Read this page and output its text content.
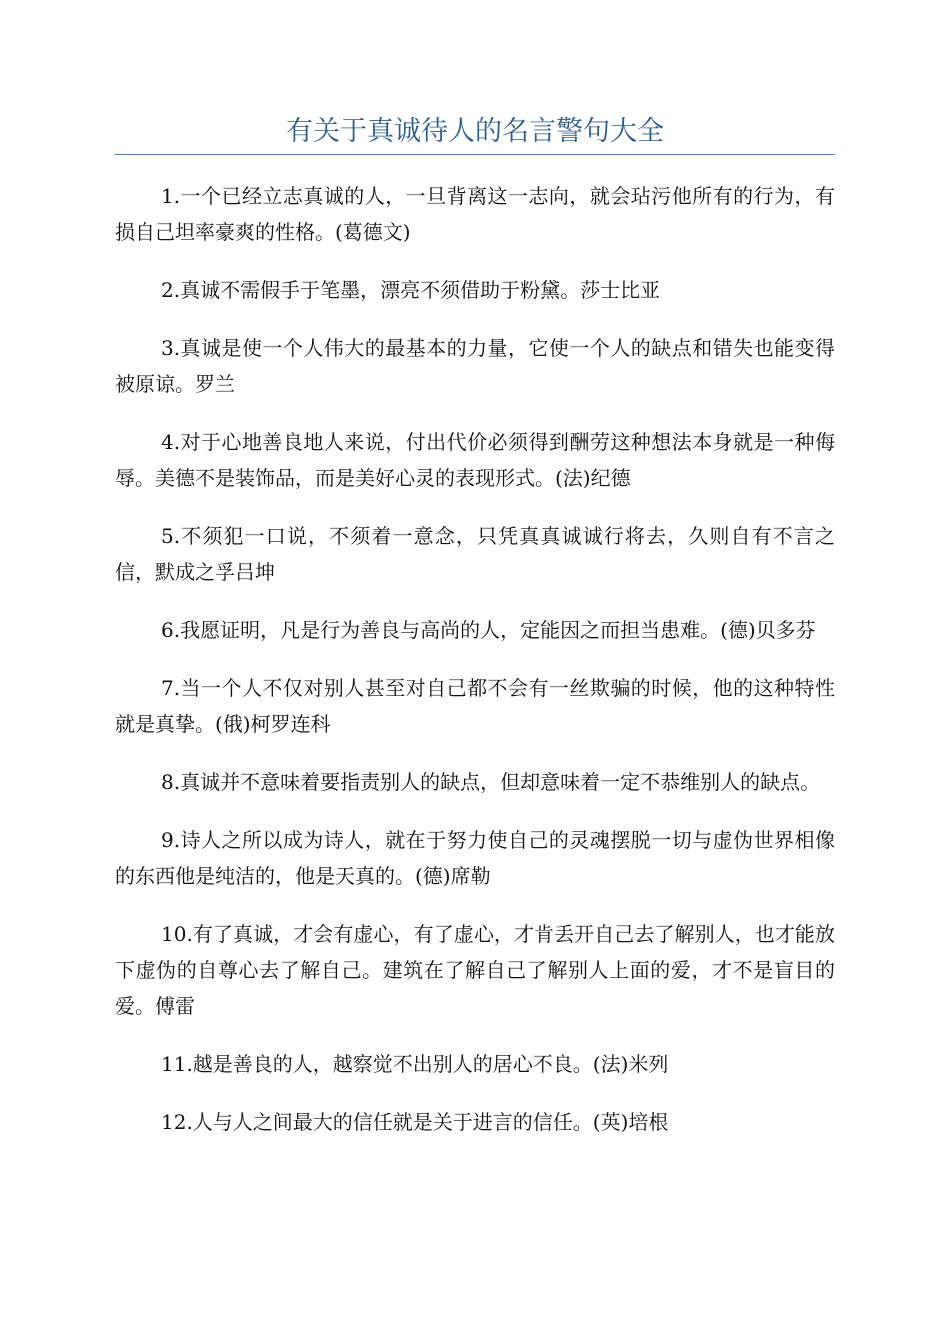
有关于真诚待人的名言警句大全

1.一个已经立志真诚的人，一旦背离这一志向，就会玷污他所有的行为，有损自己坦率豪爽的性格。(葛德文)

2.真诚不需假手于笔墨，漂亮不须借助于粉黛。莎士比亚

3.真诚是使一个人伟大的最基本的力量，它使一个人的缺点和错失也能变得被原谅。罗兰

4.对于心地善良地人来说，付出代价必须得到酬劳这种想法本身就是一种侮辱。美德不是装饰品，而是美好心灵的表现形式。(法)纪德

5.不须犯一口说，不须着一意念，只凭真真诚诚行将去，久则自有不言之信，默成之孚吕坤

6.我愿证明，凡是行为善良与高尚的人，定能因之而担当患难。(德)贝多芬

7.当一个人不仅对别人甚至对自己都不会有一丝欺骗的时候，他的这种特性就是真挚。(俄)柯罗连科

8.真诚并不意味着要指责别人的缺点，但却意味着一定不恭维别人的缺点。

9.诗人之所以成为诗人，就在于努力使自己的灵魂摆脱一切与虚伪世界相像的东西他是纯洁的，他是天真的。(德)席勒

10.有了真诚，才会有虚心，有了虚心，才肯丢开自己去了解别人，也才能放下虚伪的自尊心去了解自己。建筑在了解自己了解别人上面的爱，才不是盲目的爱。傅雷

11.越是善良的人，越察觉不出别人的居心不良。(法)米列

12.人与人之间最大的信任就是关于进言的信任。(英)培根
